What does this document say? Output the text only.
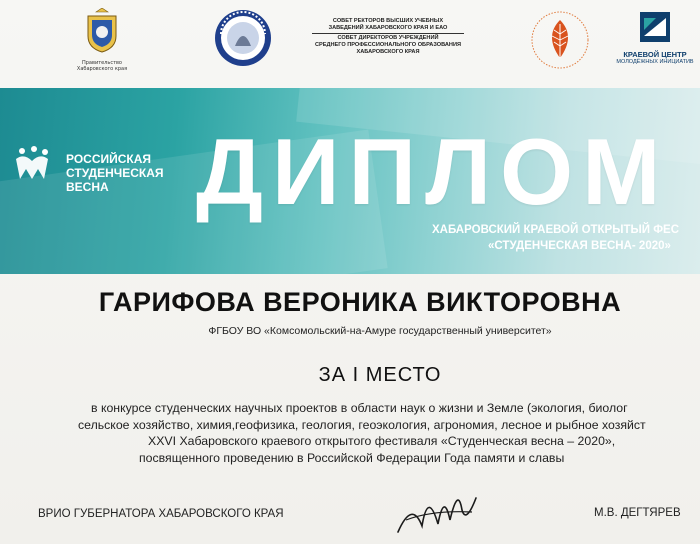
Правительство Хабаровского края
СОВЕТ РЕКТОРОВ ВЫСШИХ УЧЕБНЫХ
ЗАВЕДЕНИЙ ХАБАРОВСКОГО КРАЯ И ЕАО
СОВЕТ ДИРЕКТОРОВ УЧРЕЖДЕНИЙ
СРЕДНЕГО ПРОФЕССИОНАЛЬНОГО ОБРАЗОВАНИЯ
ХАБАРОВСКОГО КРАЯ	КРАЕВОЙ ЦЕНТР
МОЛОДЁЖНЫХ ИНИЦИАТИВ
РОССИЙСКАЯ
СТУДЕНЧЕСКАЯ
ВЕСНА ДИПЛОМ
ХАБАРОВСКИЙ КРАЕВОЙ ОТКРЫТЫЙ ФЕС
«СТУДЕНЧЕСКАЯ ВЕСНА- 2020»
ГАРИФОВА ВЕРОНИКА ВИКТОРОВНА
ФГБОУ ВО «Комсомольский-на-Амуре государственный университет»
ЗА I МЕСТО
в конкурсе студенческих научных проектов в области наук о жизни и Земле (экология, биолог
сельское хозяйство, химия,геофизика, геология, геоэкология, агрономия, лесное и рыбное хозяйст
XXVI Хабаровского краевого открытого фестиваля «Студенческая весна – 2020»,
посвященного проведению в Российской Федерации Года памяти и славы
ВРИО ГУБЕРНАТОРА ХАБАРОВСКОГО КРАЯ	М.В. ДЕГТЯРЕВ
